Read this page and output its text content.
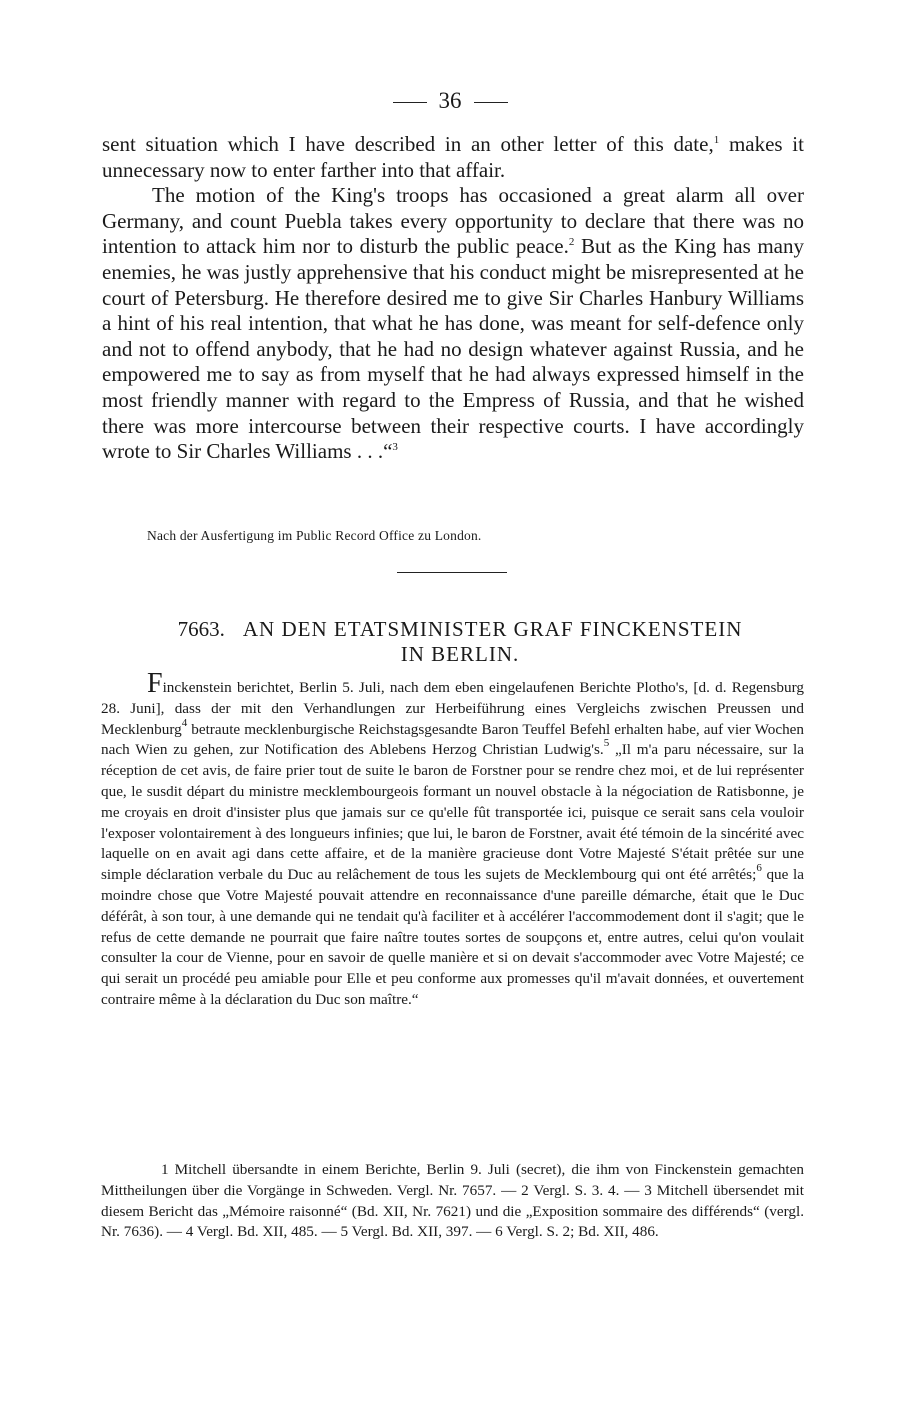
36

sent situation which I have described in an other letter of this date,$^1$ makes it unnecessary now to enter farther into that affair.

The motion of the King's troops has occasioned a great alarm all over Germany, and count Puebla takes every opportunity to declare that there was no intention to attack him nor to disturb the public peace.$^2$ But as the King has many enemies, he was justly apprehensive that his conduct might be misrepresented at he court of Petersburg. He therefore desired me to give Sir Charles Hanbury Williams a hint of his real intention, that what he has done, was meant for self-defence only and not to offend anybody, that he had no design whatever against Russia, and he empowered me to say as from myself that he had always expressed himself in the most friendly manner with regard to the Empress of Russia, and that he wished there was more intercourse between their respective courts. I have accordingly wrote to Sir Charles Williams . . .“$^3$

Nach der Ausfertigung im Public Record Office zu London.
7663. AN DEN ETATSMINISTER GRAF FINCKENSTEIN
IN BERLIN.

Finckenstein berichtet, Berlin 5. Juli, nach dem eben eingelaufenen Berichte Plotho's, [d. d. Regensburg 28. Juni], dass der mit den Verhandlungen zur Herbeiführung eines Vergleichs zwischen Preussen und Mecklenburg$^4$ betraute mecklenburgische Reichstagsgesandte Baron Teuffel Befehl erhalten habe, auf vier Wochen nach Wien zu gehen, zur Notification des Ablebens Herzog Christian Ludwig's.$^5$ „Il m'a paru nécessaire, sur la réception de cet avis, de faire prier tout de suite le baron de Forstner pour se rendre chez moi, et de lui représenter que, le susdit départ du ministre mecklembourgeois formant un nouvel obstacle à la négociation de Ratisbonne, je me croyais en droit d'insister plus que jamais sur ce qu'elle fût transportée ici, puisque ce serait sans cela vouloir l'exposer volontairement à des longueurs infinies; que lui, le baron de Forstner, avait été témoin de la sincérité avec laquelle on en avait agi dans cette affaire, et de la manière gracieuse dont Votre Majesté S'était prêtée sur une simple déclaration verbale du Duc au relâchement de tous les sujets de Mecklembourg qui ont été arrêtés;$^6$ que la moindre chose que Votre Majesté pouvait attendre en reconnaissance d'une pareille démarche, était que le Duc déférât, à son tour, à une demande qui ne tendait qu'à faciliter et à accélérer l'accommodement dont il s'agit; que le refus de cette demande ne pourrait que faire naître toutes sortes de soupçons et, entre autres, celui qu'on voulait consulter la cour de Vienne, pour en savoir de quelle manière et si on devait s'accommoder avec Votre Majesté; ce qui serait un procédé peu amiable pour Elle et peu conforme aux promesses qu'il m'avait données, et ouvertement contraire même à la déclaration du Duc son maître.“

1 Mitchell übersandte in einem Berichte, Berlin 9. Juli (secret), die ihm von Finckenstein gemachten Mittheilungen über die Vorgänge in Schweden. Vergl. Nr. 7657. — 2 Vergl. S. 3. 4. — 3 Mitchell übersendet mit diesem Bericht das „Mémoire raisonné“ (Bd. XII, Nr. 7621) und die „Exposition sommaire des différends“ (vergl. Nr. 7636). — 4 Vergl. Bd. XII, 485. — 5 Vergl. Bd. XII, 397. — 6 Vergl. S. 2; Bd. XII, 486.
